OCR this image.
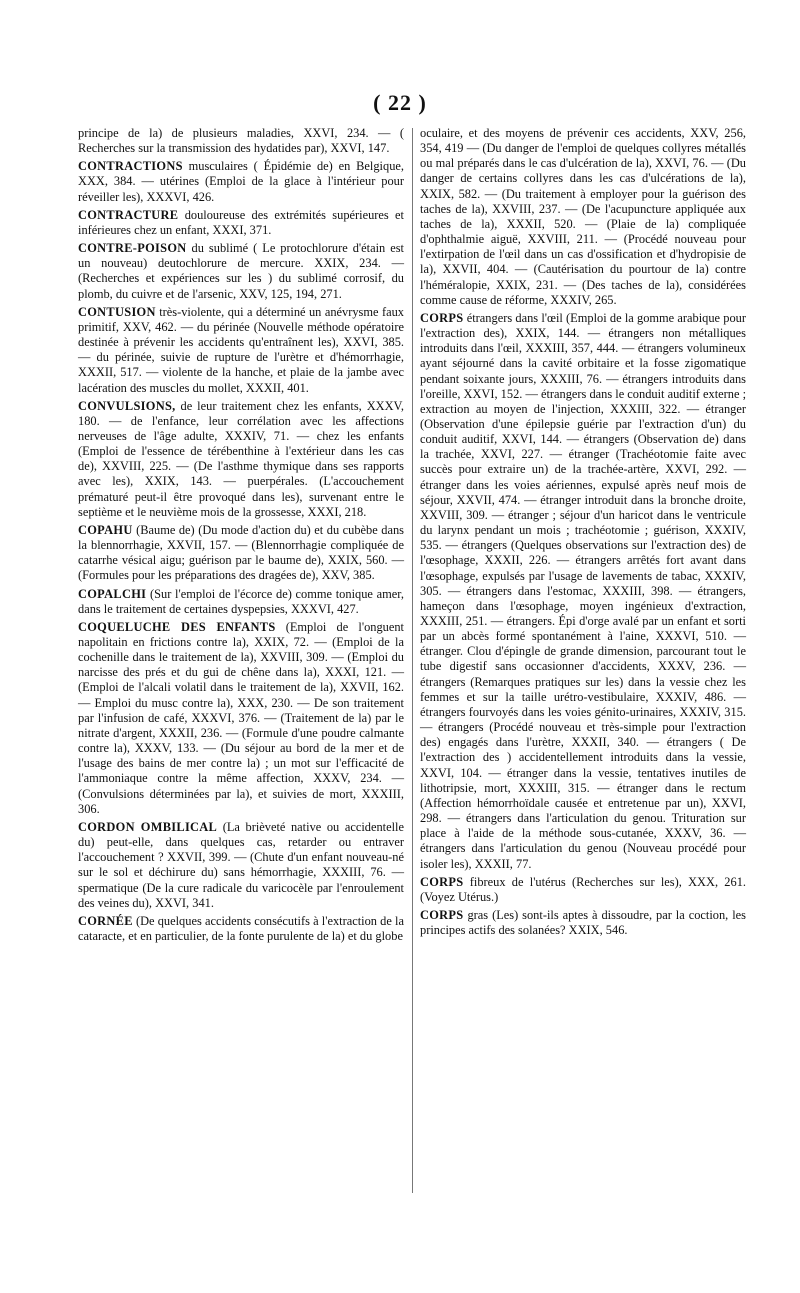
( 22 )

principe de la) de plusieurs maladies, XXVI, 234. — ( Recherches sur la transmission des hydatides par), XXVI, 147.

CONTRACTIONS musculaires ( Épidémie de) en Belgique, XXX, 384. — utérines (Emploi de la glace à l'intérieur pour réveiller les), XXXVI, 426.

CONTRACTURE douloureuse des extrémités supérieures et inférieures chez un enfant, XXXI, 371.

CONTRE-POISON du sublimé ( Le protochlorure d'étain est un nouveau) deutochlorure de mercure. XXIX, 234. — (Recherches et expériences sur les ) du sublimé corrosif, du plomb, du cuivre et de l'arsenic, XXV, 125, 194, 271.

CONTUSION très-violente, qui a déterminé un anévrysme faux primitif, XXV, 462. — du périnée (Nouvelle méthode opératoire destinée à prévenir les accidents qu'entraînent les), XXVI, 385. — du périnée, suivie de rupture de l'urètre et d'hémorrhagie, XXXII, 517. — violente de la hanche, et plaie de la jambe avec lacération des muscles du mollet, XXXII, 401.

CONVULSIONS, de leur traitement chez les enfants, XXXV, 180. — de l'enfance, leur corrélation avec les affections nerveuses de l'âge adulte, XXXIV, 71. — chez les enfants (Emploi de l'essence de térébenthine à l'extérieur dans les cas de), XXVIII, 225. — (De l'asthme thymique dans ses rapports avec les), XXIX, 143. — puerpérales. (L'accouchement prématuré peut-il être provoqué dans les), survenant entre le septième et le neuvième mois de la grossesse, XXXI, 218.

COPAHU (Baume de) (Du mode d'action du) et du cubèbe dans la blennorrhagie, XXVII, 157. — (Blennorrhagie compliquée de catarrhe vésical aigu; guérison par le baume de), XXIX, 560. — (Formules pour les préparations des dragées de), XXV, 385.

COPALCHI (Sur l'emploi de l'écorce de) comme tonique amer, dans le traitement de certaines dyspepsies, XXXVI, 427.

COQUELUCHE DES ENFANTS (Emploi de l'onguent napolitain en frictions contre la), XXIX, 72. — (Emploi de la cochenille dans le traitement de la), XXVIII, 309. — (Emploi du narcisse des prés et du gui de chêne dans la), XXXI, 121. — (Emploi de l'alcali volatil dans le traitement de la), XXVII, 162. — Emploi du musc contre la), XXX, 230. — De son traitement par l'infusion de café, XXXVI, 376. — (Traitement de la) par le nitrate d'argent, XXXII, 236. — (Formule d'une poudre calmante contre la), XXXV, 133. — (Du séjour au bord de la mer et de l'usage des bains de mer contre la) ; un mot sur l'efficacité de l'ammoniaque contre la même affection, XXXV, 234. — (Convulsions déterminées par la), et suivies de mort, XXXIII, 306.

CORDON OMBILICAL (La brièveté native ou accidentelle du) peut-elle, dans quelques cas, retarder ou entraver l'accouchement ? XXVII, 399. — (Chute d'un enfant nouveau-né sur le sol et déchirure du) sans hémorrhagie, XXXIII, 76. — spermatique (De la cure radicale du varicocèle par l'enroulement des veines du), XXVI, 341.

CORNÉE (De quelques accidents consécutifs à l'extraction de la cataracte, et en particulier, de la fonte purulente de la) et du globe

oculaire, et des moyens de prévenir ces accidents, XXV, 256, 354, 419 — (Du danger de l'emploi de quelques collyres métallés ou mal préparés dans le cas d'ulcération de la), XXVI, 76. — (Du danger de certains collyres dans les cas d'ulcérations de la), XXIX, 582. — (Du traitement à employer pour la guérison des taches de la), XXVIII, 237. — (De l'acupuncture appliquée aux taches de la), XXXII, 520. — (Plaie de la) compliquée d'ophthalmie aiguë, XXVIII, 211. — (Procédé nouveau pour l'extirpation de l'œil dans un cas d'ossification et d'hydropisie de la), XXVII, 404. — (Cautérisation du pourtour de la) contre l'héméralopie, XXIX, 231. — (Des taches de la), considérées comme cause de réforme, XXXIV, 265.

CORPS étrangers dans l'œil (Emploi de la gomme arabique pour l'extraction des), XXIX, 144. — étrangers non métalliques introduits dans l'œil, XXXIII, 357, 444. — étrangers volumineux ayant séjourné dans la cavité orbitaire et la fosse zigomatique pendant soixante jours, XXXIII, 76. — étrangers introduits dans l'oreille, XXVI, 152. — étrangers dans le conduit auditif externe ; extraction au moyen de l'injection, XXXIII, 322. — étranger (Observation d'une épilepsie guérie par l'extraction d'un) du conduit auditif, XXVI, 144. — étrangers (Observation de) dans la trachée, XXVI, 227. — étranger (Trachéotomie faite avec succès pour extraire un) de la trachée-artère, XXVI, 292. — étranger dans les voies aériennes, expulsé après neuf mois de séjour, XXVII, 474. — étranger introduit dans la bronche droite, XXVIII, 309. — étranger ; séjour d'un haricot dans le ventricule du larynx pendant un mois ; trachéotomie ; guérison, XXXIV, 535. — étrangers (Quelques observations sur l'extraction des) de l'œsophage, XXXII, 226. — étrangers arrêtés fort avant dans l'œsophage, expulsés par l'usage de lavements de tabac, XXXIV, 305. — étrangers dans l'estomac, XXXIII, 398. — étrangers, hameçon dans l'œsophage, moyen ingénieux d'extraction, XXXIII, 251. — étrangers. Épi d'orge avalé par un enfant et sorti par un abcès formé spontanément à l'aine, XXXVI, 510. — étranger. Clou d'épingle de grande dimension, parcourant tout le tube digestif sans occasionner d'accidents, XXXV, 236. — étrangers (Remarques pratiques sur les) dans la vessie chez les femmes et sur la taille urétro-vestibulaire, XXXIV, 486. — étrangers fourvoyés dans les voies génito-urinaires, XXXIV, 315. — étrangers (Procédé nouveau et très-simple pour l'extraction des) engagés dans l'urètre, XXXII, 340. — étrangers ( De l'extraction des ) accidentellement introduits dans la vessie, XXVI, 104. — étranger dans la vessie, tentatives inutiles de lithotripsie, mort, XXXIII, 315. — étranger dans le rectum (Affection hémorrhoïdale causée et entretenue par un), XXVI, 298. — étrangers dans l'articulation du genou. Trituration sur place à l'aide de la méthode sous-cutanée, XXXV, 36. — étrangers dans l'articulation du genou (Nouveau procédé pour isoler les), XXXII, 77.

CORPS fibreux de l'utérus (Recherches sur les), XXX, 261. (Voyez Utérus.)

CORPS gras (Les) sont-ils aptes à dissoudre, par la coction, les principes actifs des solanées? XXIX, 546.
